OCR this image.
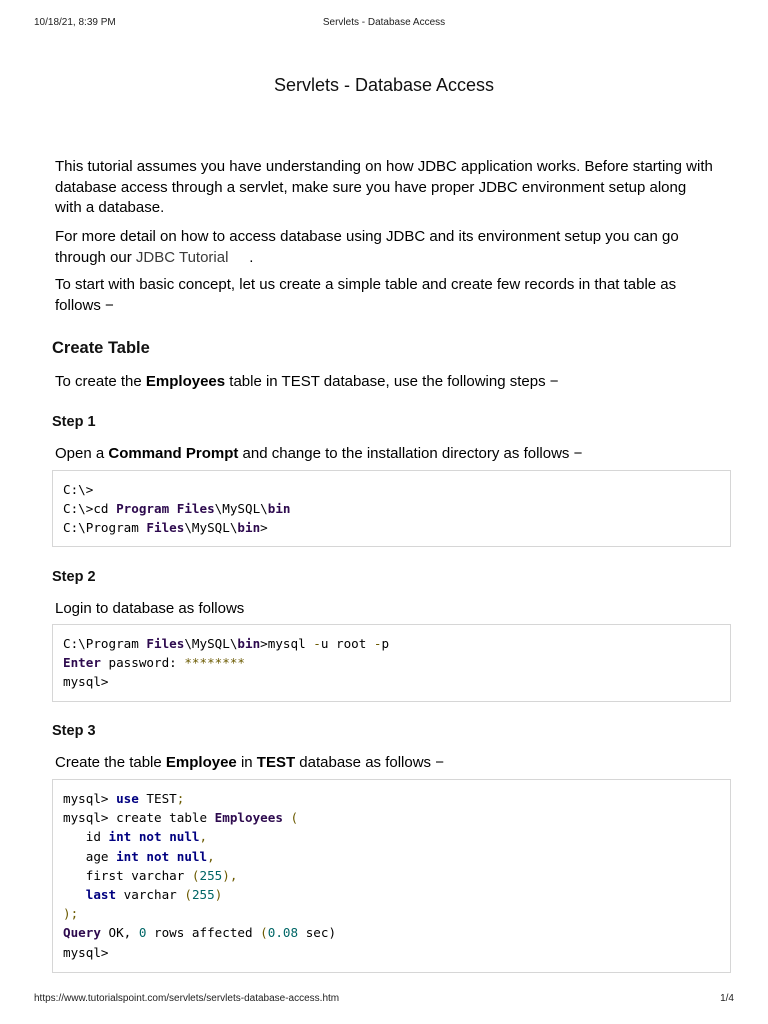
10/18/21, 8:39 PM	Servlets - Database Access
Servlets - Database Access

This tutorial assumes you have understanding on how JDBC application works. Before starting with database access through a servlet, make sure you have proper JDBC environment setup along with a database.

For more detail on how to access database using JDBC and its environment setup you can go through our JDBC Tutorial     .

To start with basic concept, let us create a simple table and create few records in that table as follows −

Create Table

To create the Employees table in TEST database, use the following steps −

Step 1

Open a Command Prompt and change to the installation directory as follows −

C:\>
C:\>cd Program Files\MySQL\bin
C:\Program Files\MySQL\bin>
Step 2

Login to database as follows

C:\Program Files\MySQL\bin>mysql -u root -p
Enter password: ********
mysql>
Step 3

Create the table Employee in TEST database as follows −

mysql> use TEST;
mysql> create table Employees (
id int not null,
age int not null,
first varchar (255),
last varchar (255)
);
Query OK, 0 rows affected (0.08 sec)
mysql>
https://www.tutorialspoint.com/servlets/servlets-database-access.htm	1/4
